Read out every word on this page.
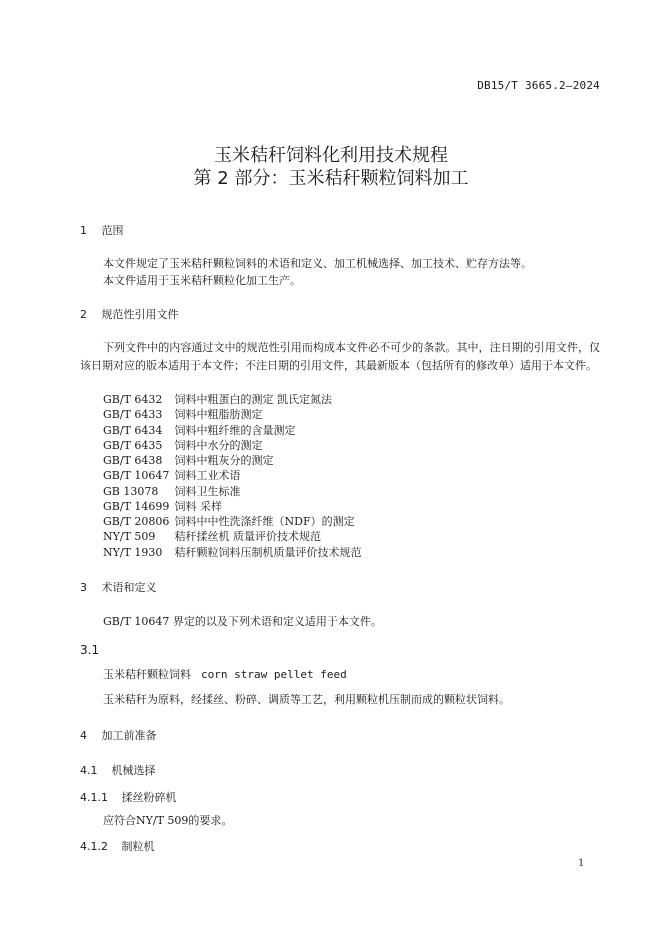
DB15/T 3665.2—2024
玉米秸秆饲料化利用技术规程
第 2 部分：玉米秸秆颗粒饲料加工
1 范围
本文件规定了玉米秸秆颗粒饲料的术语和定义、加工机械选择、加工技术、贮存方法等。
本文件适用于玉米秸秆颗粒化加工生产。
2 规范性引用文件
下列文件中的内容通过文中的规范性引用而构成本文件必不可少的条款。其中，注日期的引用文件，仅该日期对应的版本适用于本文件；不注日期的引用文件，其最新版本（包括所有的修改单）适用于本文件。
GB/T 6432 饲料中粗蛋白的测定 凯氏定氮法
GB/T 6433 饲料中粗脂肪测定
GB/T 6434 饲料中粗纤维的含量测定
GB/T 6435 饲料中水分的测定
GB/T 6438 饲料中粗灰分的测定
GB/T 10647 饲料工业术语
GB 13078 饲料卫生标准
GB/T 14699 饲料 采样
GB/T 20806 饲料中中性洗涤纤维（NDF）的测定
NY/T 509 秸秆揉丝机 质量评价技术规范
NY/T 1930 秸秆颗粒饲料压制机质量评价技术规范
3 术语和定义
GB/T 10647 界定的以及下列术语和定义适用于本文件。
3.1
玉米秸秆颗粒饲料 corn straw pellet feed
玉米秸秆为原料，经揉丝、粉碎、调质等工艺，利用颗粒机压制而成的颗粒状饲料。
4 加工前准备
4.1 机械选择
4.1.1 揉丝粉碎机
应符合NY/T 509的要求。
4.1.2 制粒机
1
